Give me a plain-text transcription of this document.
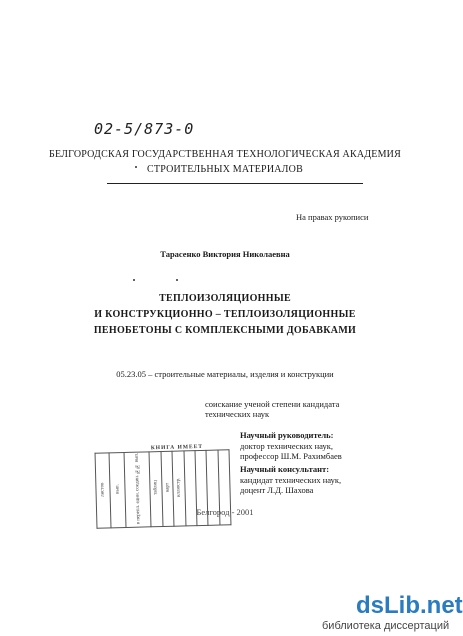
02-5/873-0
БЕЛГОРОДСКАЯ ГОСУДАРСТВЕННАЯ ТЕХНОЛОГИЧЕСКАЯ АКАДЕМИЯ
СТРОИТЕЛЬНЫХ МАТЕРИАЛОВ
На правах рукописи
Тарасенко Виктория Николаевна
ТЕПЛОИЗОЛЯЦИОННЫЕ
И КОНСТРУКЦИОННО – ТЕПЛОИЗОЛЯЦИОННЫЕ
ПЕНОБЕТОНЫ С КОМПЛЕКСНЫМИ ДОБАВКАМИ
05.23.05 – строительные материалы, изделия и конструкции
соискание ученой степени кандидата
технических наук
Научный руководитель:
доктор технических наук,
профессор Ш.М. Рахимбаев
Научный консультант:
кандидат технических наук,
доцент Л.Д. Шахова
КНИГА ИМЕЕТ
листов	вып.	в перепл. един. соедин. №№ вып.	таблиц	карт	иллюстр.				
Белгород - 2001
dsLib.net
библиотека диссертаций
